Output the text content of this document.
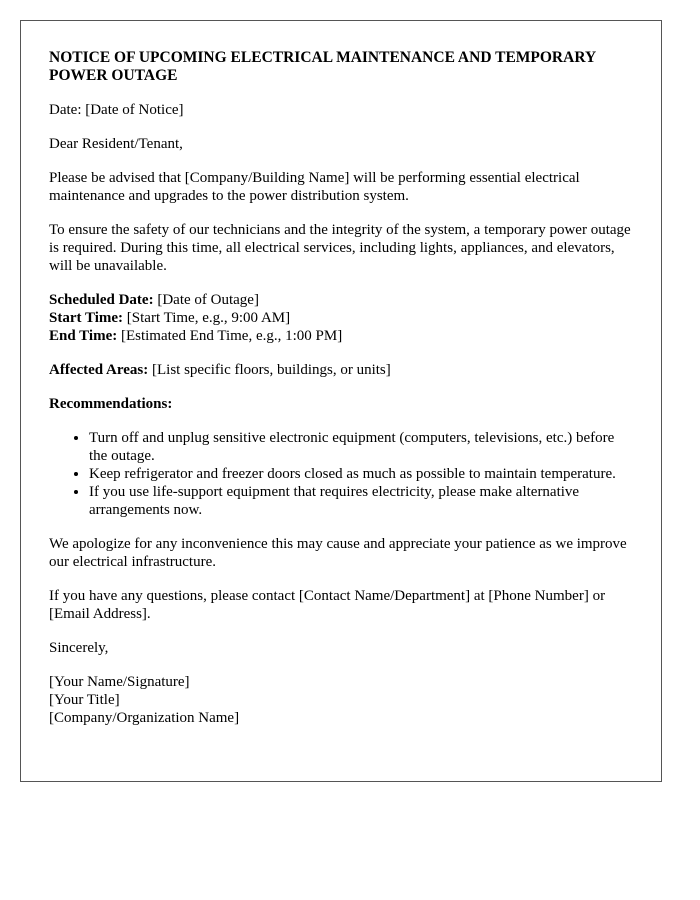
NOTICE OF UPCOMING ELECTRICAL MAINTENANCE AND TEMPORARY POWER OUTAGE

Date: [Date of Notice]

Dear Resident/Tenant,

Please be advised that [Company/Building Name] will be performing essential electrical maintenance and upgrades to the power distribution system.

To ensure the safety of our technicians and the integrity of the system, a temporary power outage is required. During this time, all electrical services, including lights, appliances, and elevators, will be unavailable.

Scheduled Date: [Date of Outage]
Start Time: [Start Time, e.g., 9:00 AM]
End Time: [Estimated End Time, e.g., 1:00 PM]

Affected Areas: [List specific floors, buildings, or units]

Recommendations:

• Turn off and unplug sensitive electronic equipment (computers, televisions, etc.) before the outage.
• Keep refrigerator and freezer doors closed as much as possible to maintain temperature.
• If you use life-support equipment that requires electricity, please make alternative arrangements now.

We apologize for any inconvenience this may cause and appreciate your patience as we improve our electrical infrastructure.

If you have any questions, please contact [Contact Name/Department] at [Phone Number] or [Email Address].

Sincerely,

[Your Name/Signature]
[Your Title]
[Company/Organization Name]
